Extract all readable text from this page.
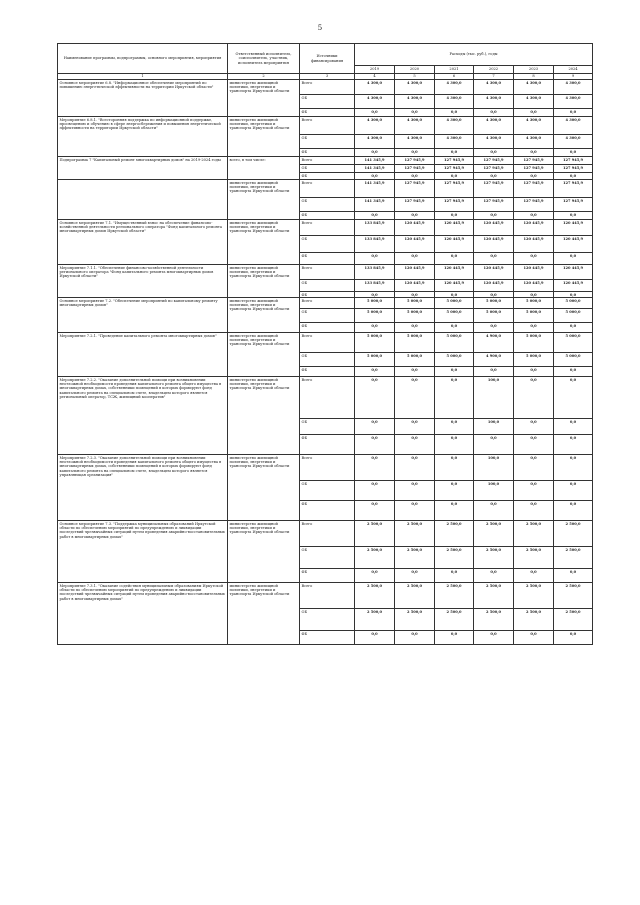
5
Наименование программы, подпрограммы, основного мероприятия, мероприятия	Ответственный исполнитель, соисполнитель, участник, исполнитель мероприятия	Источники финансирования	Расходы (тыс. руб.), годы					
			2019	2020	2021	2022	2023	2024
1	2	3	4	5	6	7	8	9
Основное мероприятие 6.8. "Информационное обеспечение мероприятий по повышению энергетической эффективности на территории Иркутской области"	министерство жилищной политики, энергетики и транспорта Иркутской области	Всего	4 300,0	4 300,0	4 300,0	4 300,0	4 300,0	4 300,0
		ОБ	4 300,0	4 300,0	4 300,0	4 300,0	4 300,0	4 300,0
		ФБ	0,0	0,0	0,0	0,0	0,0	0,0
Мероприятие 6.8.1. "Всесторонняя поддержка по информационной поддержке, просвещению и обучению в сфере энергосбережения и повышения энергетической эффективности на территории Иркутской области"	министерство жилищной политики, энергетики и транспорта Иркутской области	Всего	4 300,0	4 300,0	4 300,0	4 300,0	4 300,0	4 300,0
		ОБ	4 300,0	4 300,0	4 300,0	4 300,0	4 300,0	4 300,0
		ФБ	0,0	0,0	0,0	0,0	0,0	0,0
Подпрограмма 7 "Капитальный ремонт многоквартирных домов" на 2019-2024 годы	всего, в том числе:	Всего	141 345,9	127 945,9	127 945,9	127 945,9	127 945,9	127 945,9
		ОБ	141 345,9	127 945,9	127 945,9	127 945,9	127 945,9	127 945,9
		ФБ	0,0	0,0	0,0	0,0	0,0	0,0
	министерство жилищной политики, энергетики и транспорта Иркутской области	Всего	141 345,9	127 945,9	127 945,9	127 945,9	127 945,9	127 945,9
		ОБ	141 345,9	127 945,9	127 945,9	127 945,9	127 945,9	127 945,9
		ФБ	0,0	0,0	0,0	0,0	0,0	0,0
Основное мероприятие 7.1. "Имущественный взнос на обеспечение финансово-хозяйственной деятельности регионального оператора "Фонд капитального ремонта многоквартирных домов Иркутской области"	министерство жилищной политики, энергетики и транспорта Иркутской области	Всего	133 845,9	120 445,9	120 445,9	120 445,9	120 445,9	120 445,9
		ОБ	133 845,9	120 445,9	120 445,9	120 445,9	120 445,9	120 445,9
		ФБ	0,0	0,0	0,0	0,0	0,0	0,0
Мероприятие 7.1.1. "Обеспечение финансово-хозяйственной деятельности регионального оператора "Фонд капитального ремонта многоквартирных домов Иркутской области"	министерство жилищной политики, энергетики и транспорта Иркутской области	Всего	133 845,9	120 445,9	120 445,9	120 445,9	120 445,9	120 445,9
		ОБ	133 845,9	120 445,9	120 445,9	120 445,9	120 445,9	120 445,9
		ФБ	0,0	0,0	0,0	0,0	0,0	0,0
Основное мероприятие 7.2. "Обеспечение мероприятий по капитальному ремонту многоквартирных домов"	министерство жилищной политики, энергетики и транспорта Иркутской области	Всего	5 000,0	5 000,0	5 000,0	5 000,0	5 000,0	5 000,0
		ОБ	5 000,0	5 000,0	5 000,0	5 000,0	5 000,0	5 000,0
		ФБ	0,0	0,0	0,0	0,0	0,0	0,0
Мероприятие 7.2.1. "Проведение капитального ремонта многоквартирных домов"	министерство жилищной политики, энергетики и транспорта Иркутской области	Всего	5 000,0	5 000,0	5 000,0	4 900,0	5 000,0	5 000,0
		ОБ	5 000,0	5 000,0	5 000,0	4 900,0	5 000,0	5 000,0
		ФБ	0,0	0,0	0,0	0,0	0,0	0,0
Мероприятие 7.2.2. "Оказание дополнительной помощи при возникновении неотложной необходимости проведения капитального ремонта общего имущества в многоквартирных домах, собственники помещений в которых формируют фонд капитального ремонта на специальном счете, владельцем которого является региональный оператор, ТСЖ, жилищный кооператив"	министерство жилищной политики, энергетики и транспорта Иркутской области	Всего	0,0	0,0	0,0	100,0	0,0	0,0
		ОБ	0,0	0,0	0,0	100,0	0,0	0,0
		ФБ	0,0	0,0	0,0	0,0	0,0	0,0
Мероприятие 7.2.3. "Оказание дополнительной помощи при возникновении неотложной необходимости проведения капитального ремонта общего имущества в многоквартирных домах, собственники помещений в которых формируют фонд капитального ремонта на специальном счете, владельцем которого является управляющая организация"	министерство жилищной политики, энергетики и транспорта Иркутской области	Всего	0,0	0,0	0,0	100,0	0,0	0,0
		ОБ	0,0	0,0	0,0	100,0	0,0	0,0
		ФБ	0,0	0,0	0,0	0,0	0,0	0,0
Основное мероприятие 7.3. "Поддержка муниципальных образований Иркутской области по обеспечению мероприятий по предупреждению и ликвидации последствий чрезвычайных ситуаций путем проведения аварийно-восстановительных работ в многоквартирных домах"	министерство жилищной политики, энергетики и транспорта Иркутской области	Всего	2 500,0	2 500,0	2 500,0	2 500,0	2 500,0	2 500,0
		ОБ	2 500,0	2 500,0	2 500,0	2 500,0	2 500,0	2 500,0
		ФБ	0,0	0,0	0,0	0,0	0,0	0,0
Мероприятие 7.3.1. "Оказание содействия муниципальным образованиям Иркутской области по обеспечению мероприятий по предупреждению и ликвидации последствий чрезвычайных ситуаций путем проведения аварийно-восстановительных работ в многоквартирных домах"	министерство жилищной политики, энергетики и транспорта Иркутской области	Всего	2 500,0	2 500,0	2 500,0	2 500,0	2 500,0	2 500,0
		ОБ	2 500,0	2 500,0	2 500,0	2 500,0	2 500,0	2 500,0
		ФБ	0,0	0,0	0,0	0,0	0,0	0,0
